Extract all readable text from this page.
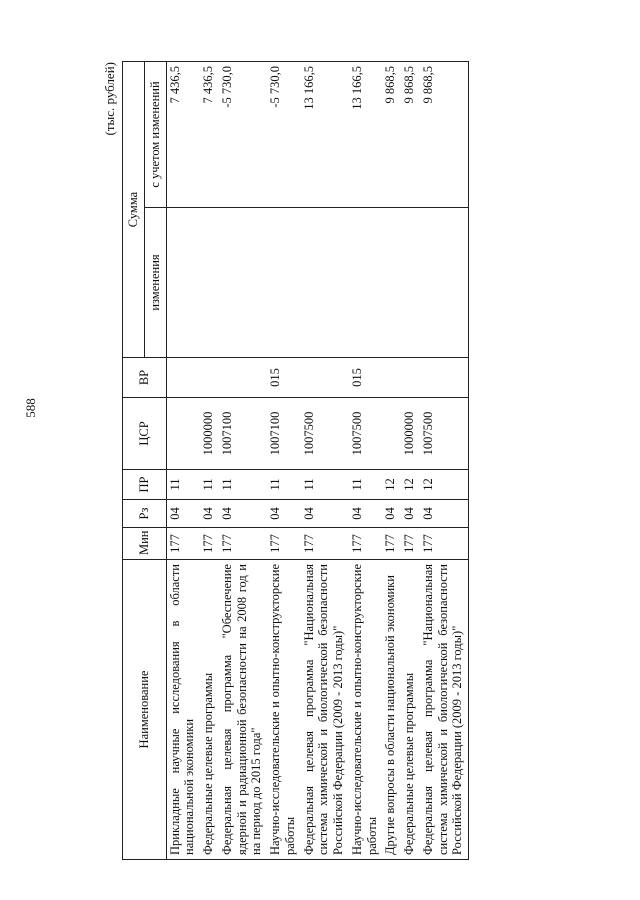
588
(тыс. рублей)
Наименование	Мин	Рз	ПР	ЦСР	ВР	Сумма	
						изменения	с учетом изменений
Прикладные научные исследования в области национальной экономики	177	04	11				7 436,5
Федеральные целевые программы	177	04	11	1000000			7 436,5
Федеральная целевая программа "Обеспечение ядерной и радиационной безопасности на 2008 год и на период до 2015 года"	177	04	11	1007100			-5 730,0
Научно-исследовательские и опытно-конструкторские работы	177	04	11	1007100	015		-5 730,0
Федеральная целевая программа "Национальная система химической и биологической безопасности Российской Федерации (2009 - 2013 годы)"	177	04	11	1007500			13 166,5
Научно-исследовательские и опытно-конструкторские работы	177	04	11	1007500	015		13 166,5
Другие вопросы в области национальной экономики	177	04	12				9 868,5
Федеральные целевые программы	177	04	12	1000000			9 868,5
Федеральная целевая программа "Национальная система химической и биологической безопасности Российской Федерации (2009 - 2013 годы)"	177	04	12	1007500			9 868,5
